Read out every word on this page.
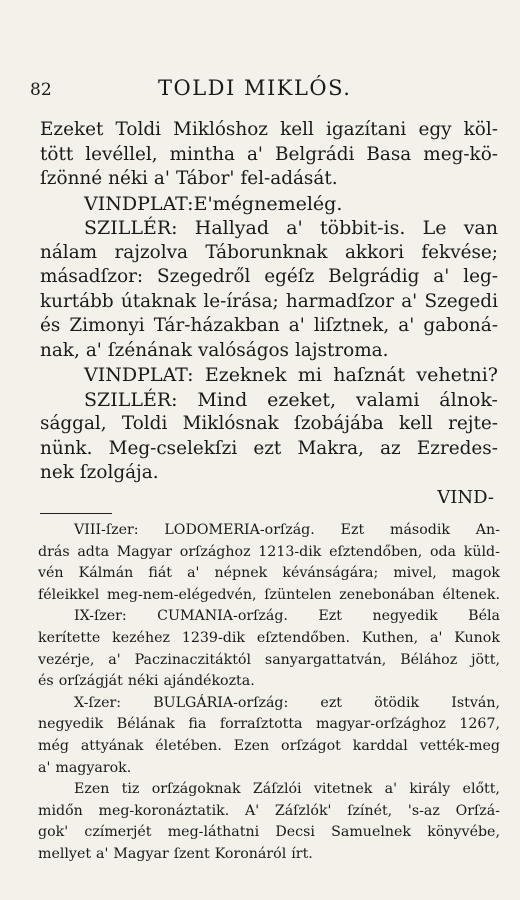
82	TOLDI MIKLÓS.
Ezeket Toldi Miklóshoz kell igazítani egy köl-
tött levéllel, mintha a' Belgrádi Basa meg-kö-
ſzönné néki a' Tábor' fel-adását.
VINDPLAT: E' még nem elég.
SZILLÉR: Hallyad a' többit-is. Le van
nálam rajzolva Táborunknak akkori fekvése;
másadſzor: Szegedről egéſz Belgrádig a' leg-
kurtább útaknak le-írása; harmadſzor a' Szegedi
és Zimonyi Tár-házakban a' liſztnek, a' gaboná-
nak, a' ſzénának valóságos lajstroma.
VINDPLAT: Ezeknek mi haſznát vehetni?
SZILLÉR: Mind ezeket, valami álnok-
sággal, Toldi Miklósnak ſzobájába kell rejte-
nünk. Meg-cselekſzi ezt Makra, az Ezredes-
nek ſzolgája.
VIND-
VIII-ſzer: LODOMERIA-orſzág. Ezt második An-
drás adta Magyar orſzághoz 1213-dik eſztendőben, oda küld-
vén Kálmán fiát a' népnek kévánságára; mivel, magok
féleikkel meg-nem-elégedvén, ſzüntelen zenebonában éltenek.
IX-ſzer: CUMANIA-orſzág. Ezt negyedik Béla
kerítette kezéhez 1239-dik eſztendőben. Kuthen, a' Kunok
vezérje, a' Paczinaczitáktól sanyargattatván, Bélához jött,
és orſzágját néki ajándékozta.
X-ſzer: BULGÁRIA-orſzág: ezt ötödik István,
negyedik Bélának fia forraſztotta magyar-orſzághoz 1267,
még attyának életében. Ezen orſzágot karddal vették-meg
a' magyarok.
Ezen tiz orſzágoknak Záſzlói vitetnek a' király előtt,
midőn meg-koronáztatik. A' Záſzlók' ſzínét, 's-az Orſzá-
gok' czímerjét meg-láthatni Decsi Samuelnek könyvébe,
mellyet a' Magyar ſzent Koronáról írt.
